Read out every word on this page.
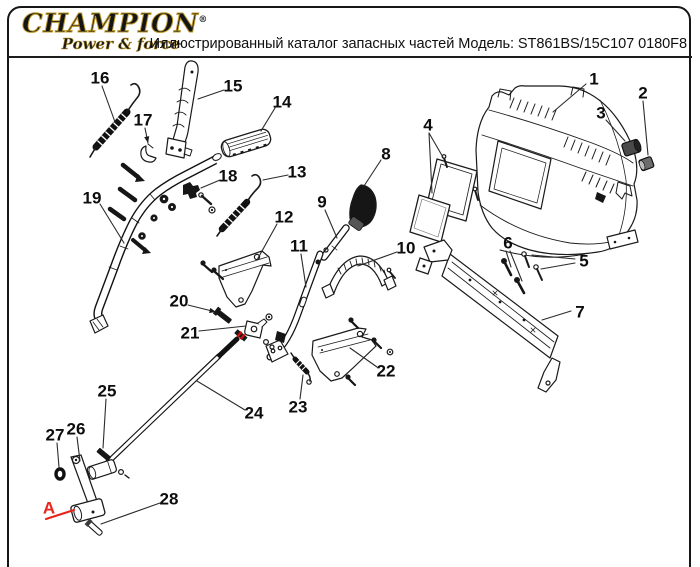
CHAMPION®
Power & force
Иллюстрированный каталог запасных частей Модель: ST861BS/15C107 0180F8
1
2
3
4
5
6
7
8
9
10
11
12
13
14
15
16
17
18
19
20
21
22
23
24
25
26
27
28
A
